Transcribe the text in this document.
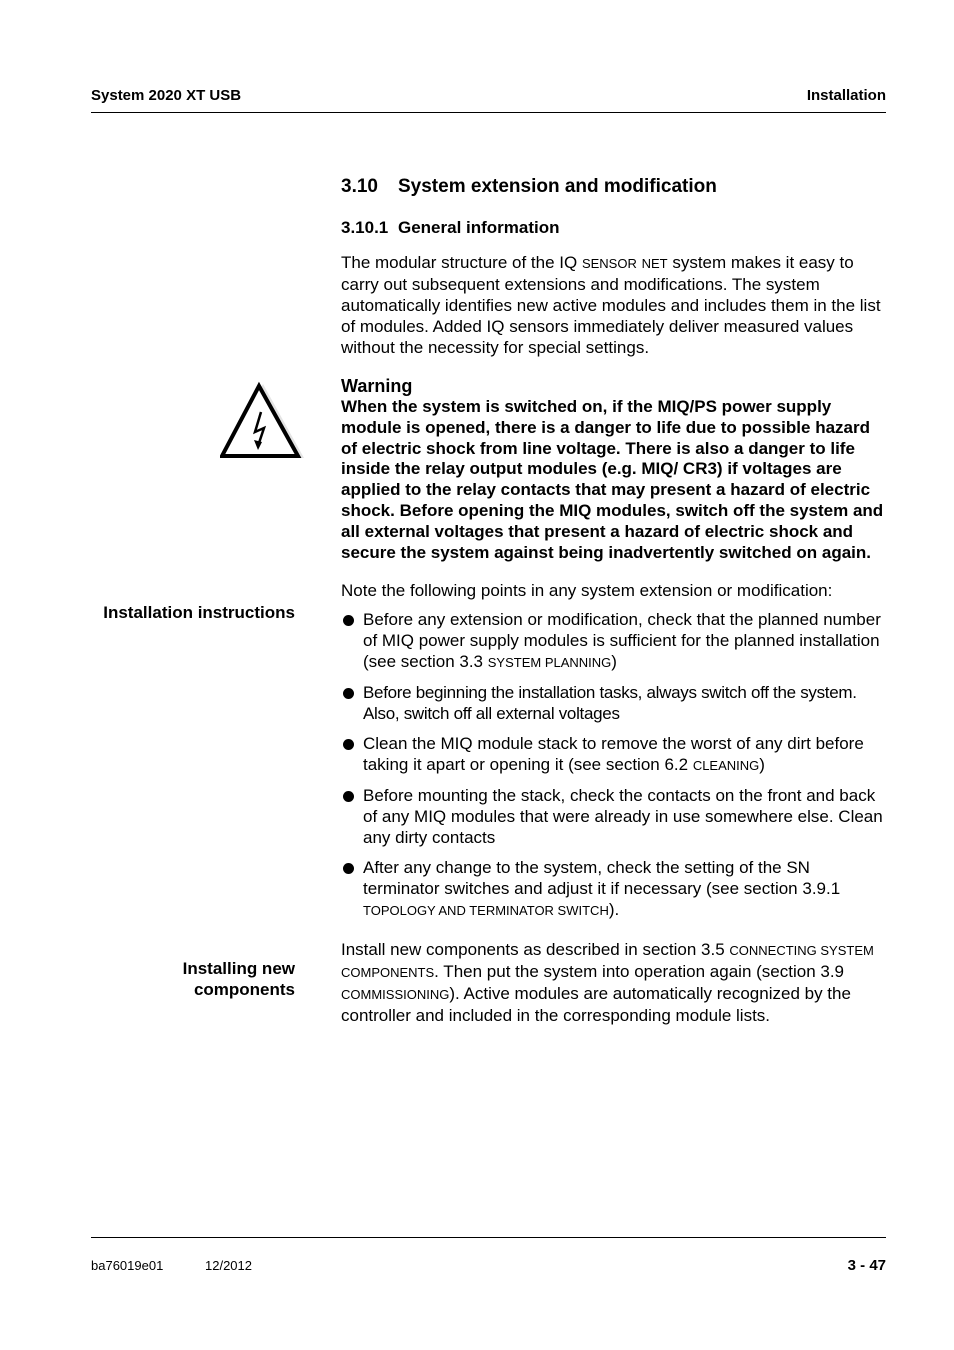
System 2020 XT USB	Installation
Installation instructions
Installing new
components
3.10 System extension and modification
3.10.1 General information

The modular structure of the IQ SENSOR NET system makes it easy to carry out subsequent extensions and modifications. The system automatically identifies new active modules and includes them in the list of modules. Added IQ sensors immediately deliver measured values without the necessity for special settings.

Warning

When the system is switched on, if the MIQ/PS power supply module is opened, there is a danger to life due to possible hazard of electric shock from line voltage. There is also a danger to life inside the relay output modules (e.g. MIQ/ CR3) if voltages are applied to the relay contacts that may present a hazard of electric shock. Before opening the MIQ modules, switch off the system and all external voltages that present a hazard of electric shock and secure the system against being inadvertently switched on again.

Note the following points in any system extension or modification:

Before any extension or modification, check that the planned number of MIQ power supply modules is sufficient for the planned installation (see section 3.3 SYSTEM PLANNING)
Before beginning the installation tasks, always switch off the system. Also, switch off all external voltages
Clean the MIQ module stack to remove the worst of any dirt before taking it apart or opening it (see section 6.2 CLEANING)
Before mounting the stack, check the contacts on the front and back of any MIQ modules that were already in use somewhere else. Clean any dirty contacts
After any change to the system, check the setting of the SN terminator switches and adjust it if necessary (see section 3.9.1 TOPOLOGY AND TERMINATOR SWITCH).

Install new components as described in section 3.5 CONNECTING SYSTEM COMPONENTS. Then put the system into operation again (section 3.9 COMMISSIONING). Active modules are automatically recognized by the controller and included in the corresponding module lists.

ba76019e01	12/2012	3 - 47
